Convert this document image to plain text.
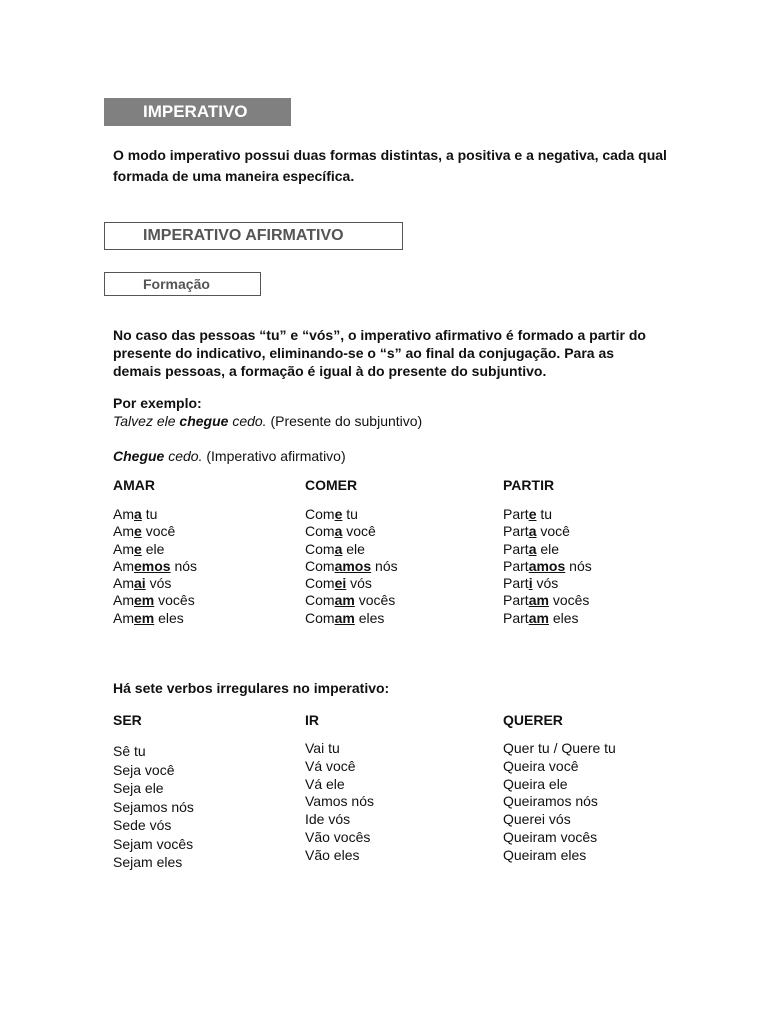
IMPERATIVO
O modo imperativo possui duas formas distintas, a positiva e a negativa, cada qual formada de uma maneira específica.
IMPERATIVO AFIRMATIVO
Formação
No caso das pessoas “tu” e “vós”, o imperativo afirmativo é formado a partir do presente do indicativo, eliminando-se o “s” ao final da conjugação. Para as demais pessoas, a formação é igual à do presente do subjuntivo.
Por exemplo:
Talvez ele chegue cedo. (Presente do subjuntivo)
Chegue cedo. (Imperativo afirmativo)
AMAR
Ama tu
Ame você
Ame ele
Amemos nós
Amai vós
Amem vocês
Amem eles
COMER
Come tu
Coma você
Coma ele
Comamos nós
Comei vós
Comam vocês
Comam eles
PARTIR
Parte tu
Parta você
Parta ele
Partamos nós
Parti vós
Partam vocês
Partam eles
Há sete verbos irregulares no imperativo:
SER
Sê tu
Seja você
Seja ele
Sejamos nós
Sede vós
Sejam vocês
Sejam eles
IR
Vai tu
Vá você
Vá ele
Vamos nós
Ide vós
Vão vocês
Vão eles
QUERER
Quer tu / Quere tu
Queira você
Queira ele
Queiramos nós
Querei vós
Queiram vocês
Queiram eles
